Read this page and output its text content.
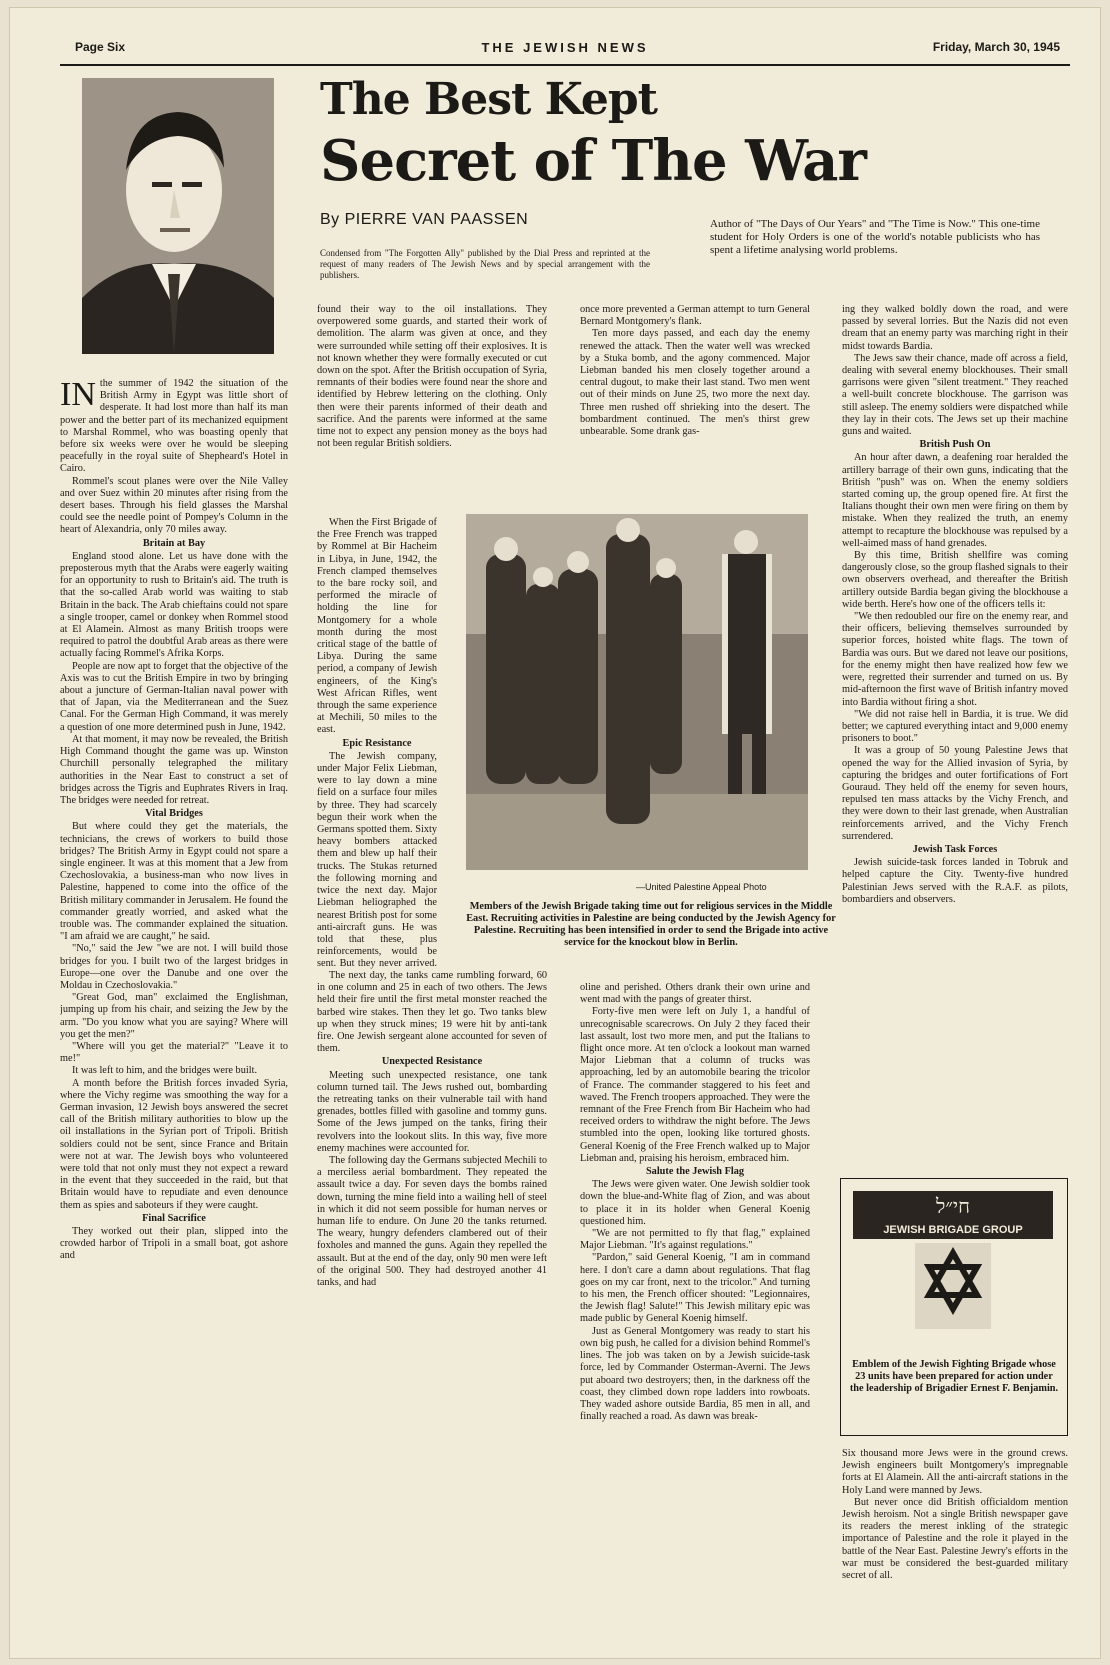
Page Six	THE JEWISH NEWS	Friday, March 30, 1945
The Best Kept
Secret of The War
By PIERRE VAN PAASSEN
Condensed from "The Forgotten Ally" published by the Dial Press and reprinted at the request of many readers of The Jewish News and by special arrangement with the publishers.
Author of "The Days of Our Years" and "The Time is Now." This one-time student for Holy Orders is one of the world's notable publicists who has spent a lifetime analysing world problems.

IN the summer of 1942 the situation of the British Army in Egypt was little short of desperate. It had lost more than half its man power and the better part of its mechanized equipment to Marshal Rommel, who was boasting openly that before six weeks were over he would be sleeping peacefully in the royal suite of Shepheard's Hotel in Cairo.

Rommel's scout planes were over the Nile Valley and over Suez within 20 minutes after rising from the desert bases. Through his field glasses the Marshal could see the needle point of Pompey's Column in the heart of Alexandria, only 70 miles away.

Britain at Bay

England stood alone. Let us have done with the preposterous myth that the Arabs were eagerly waiting for an opportunity to rush to Britain's aid. The truth is that the so-called Arab world was waiting to stab Britain in the back. The Arab chieftains could not spare a single trooper, camel or donkey when Rommel stood at El Alamein. Almost as many British troops were required to patrol the doubtful Arab areas as there were actually facing Rommel's Afrika Korps.

People are now apt to forget that the objective of the Axis was to cut the British Empire in two by bringing about a juncture of German-Italian naval power with that of Japan, via the Mediterranean and the Suez Canal. For the German High Command, it was merely a question of one more determined push in June, 1942.

At that moment, it may now be revealed, the British High Command thought the game was up. Winston Churchill personally telegraphed the military authorities in the Near East to construct a set of bridges across the Tigris and Euphrates Rivers in Iraq. The bridges were needed for retreat.

Vital Bridges

But where could they get the materials, the technicians, the crews of workers to build those bridges? The British Army in Egypt could not spare a single engineer. It was at this moment that a Jew from Czechoslovakia, a business-man who now lives in Palestine, happened to come into the office of the British military commander in Jerusalem. He found the commander greatly worried, and asked what the trouble was. The commander explained the situation. "I am afraid we are caught," he said.

"No," said the Jew "we are not. I will build those bridges for you. I built two of the largest bridges in Europe—one over the Danube and one over the Moldau in Czechoslovakia."

"Great God, man" exclaimed the Englishman, jumping up from his chair, and seizing the Jew by the arm. "Do you know what you are saying? Where will you get the men?"

"Where will you get the material?" "Leave it to me!"

It was left to him, and the bridges were built.

A month before the British forces invaded Syria, where the Vichy regime was smoothing the way for a German invasion, 12 Jewish boys answered the secret call of the British military authorities to blow up the oil installations in the Syrian port of Tripoli. British soldiers could not be sent, since France and Britain were not at war. The Jewish boys who volunteered were told that not only must they not expect a reward in the event that they succeeded in the raid, but that Britain would have to repudiate and even denounce them as spies and saboteurs if they were caught.

Final Sacrifice

They worked out their plan, slipped into the crowded harbor of Tripoli in a small boat, got ashore and

found their way to the oil installations. They overpowered some guards, and started their work of demolition. The alarm was given at once, and they were surrounded while setting off their explosives. It is not known whether they were formally executed or cut down on the spot. After the British occupation of Syria, remnants of their bodies were found near the shore and identified by Hebrew lettering on the clothing. Only then were their parents informed of their death and sacrifice. And the parents were informed at the same time not to expect any pension money as the boys had not been regular British soldiers.

When the First Brigade of the Free French was trapped by Rommel at Bir Hacheim in Libya, in June, 1942, the French clamped themselves to the bare rocky soil, and performed the miracle of holding the line for Montgomery for a whole month during the most critical stage of the battle of Libya. During the same period, a company of Jewish engineers, of the King's West African Rifles, went through the same experience at Mechili, 50 miles to the east.

Epic Resistance

The Jewish company, under Major Felix Liebman, were to lay down a mine field on a surface four miles by three. They had scarcely begun their work when the Germans spotted them. Sixty heavy bombers attacked them and blew up half their trucks. The Stukas returned the following morning and twice the next day. Major Liebman heliographed the nearest British post for some anti-aircraft guns. He was told that these, plus reinforcements, would be sent. But they never arrived.

The next day, the tanks came rumbling forward, 60 in one column and 25 in each of two others. The Jews held their fire until the first metal monster reached the barbed wire stakes. Then they let go. Two tanks blew up when they struck mines; 19 were hit by anti-tank fire. One Jewish sergeant alone accounted for seven of them.

Unexpected Resistance

Meeting such unexpected resistance, one tank column turned tail. The Jews rushed out, bombarding the retreating tanks on their vulnerable tail with hand grenades, bottles filled with gasoline and tommy guns. Some of the Jews jumped on the tanks, firing their revolvers into the lookout slits. In this way, five more enemy machines were accounted for.

The following day the Germans subjected Mechili to a merciless aerial bombardment. They repeated the assault twice a day. For seven days the bombs rained down, turning the mine field into a wailing hell of steel in which it did not seem possible for human nerves or human life to endure. On June 20 the tanks returned. The weary, hungry defenders clambered out of their foxholes and manned the guns. Again they repelled the assault. But at the end of the day, only 90 men were left of the original 500. They had destroyed another 41 tanks, and had

once more prevented a German attempt to turn General Bernard Montgomery's flank.

Ten more days passed, and each day the enemy renewed the attack. Then the water well was wrecked by a Stuka bomb, and the agony commenced. Major Liebman banded his men closely together around a central dugout, to make their last stand. Two men went out of their minds on June 25, two more the next day. Three men rushed off shrieking into the desert. The bombardment continued. The men's thirst grew unbearable. Some drank gas-

—United Palestine Appeal Photo
Members of the Jewish Brigade taking time out for religious services in the Middle East. Recruiting activities in Palestine are being conducted by the Jewish Agency for Palestine. Recruiting has been intensified in order to send the Brigade into active service for the knockout blow in Berlin.

oline and perished. Others drank their own urine and went mad with the pangs of greater thirst.

Forty-five men were left on July 1, a handful of unrecognisable scarecrows. On July 2 they faced their last assault, lost two more men, and put the Italians to flight once more. At ten o'clock a lookout man warned Major Liebman that a column of trucks was approaching, led by an automobile bearing the tricolor of France. The commander staggered to his feet and waved. The French troopers approached. They were the remnant of the Free French from Bir Hacheim who had received orders to withdraw the night before. The Jews stumbled into the open, looking like tortured ghosts. General Koenig of the Free French walked up to Major Liebman and, praising his heroism, embraced him.

Salute the Jewish Flag

The Jews were given water. One Jewish soldier took down the blue-and-White flag of Zion, and was about to place it in its holder when General Koenig questioned him.

"We are not permitted to fly that flag," explained Major Liebman. "It's against regulations."

"Pardon," said General Koenig, "I am in command here. I don't care a damn about regulations. That flag goes on my car front, next to the tricolor." And turning to his men, the French officer shouted: "Legionnaires, the Jewish flag! Salute!" This Jewish military epic was made public by General Koenig himself.

Just as General Montgomery was ready to start his own big push, he called for a division behind Rommel's lines. The job was taken on by a Jewish suicide-task force, led by Commander Osterman-Averni. The Jews put aboard two destroyers; then, in the darkness off the coast, they climbed down rope ladders into rowboats. They waded ashore outside Bardia, 85 men in all, and finally reached a road. As dawn was break-

ing they walked boldly down the road, and were passed by several lorries. But the Nazis did not even dream that an enemy party was marching right in their midst towards Bardia.

The Jews saw their chance, made off across a field, dealing with several enemy blockhouses. Their small garrisons were given "silent treatment." They reached a well-built concrete blockhouse. The garrison was still asleep. The enemy soldiers were dispatched while they lay in their cots. The Jews set up their machine guns and waited.

British Push On

An hour after dawn, a deafening roar heralded the artillery barrage of their own guns, indicating that the British "push" was on. When the enemy soldiers started coming up, the group opened fire. At first the Italians thought their own men were firing on them by mistake. When they realized the truth, an enemy attempt to recapture the blockhouse was repulsed by a well-aimed mass of hand grenades.

By this time, British shellfire was coming dangerously close, so the group flashed signals to their own observers overhead, and thereafter the British artillery outside Bardia began giving the blockhouse a wide berth. Here's how one of the officers tells it:

"We then redoubled our fire on the enemy rear, and their officers, believing themselves surrounded by superior forces, hoisted white flags. The town of Bardia was ours. But we dared not leave our positions, for the enemy might then have realized how few we were, regretted their surrender and turned on us. By mid-afternoon the first wave of British infantry moved into Bardia without firing a shot.

"We did not raise hell in Bardia, it is true. We did better; we captured everything intact and 9,000 enemy prisoners to boot."

It was a group of 50 young Palestine Jews that opened the way for the Allied invasion of Syria, by capturing the bridges and outer fortifications of Fort Gouraud. They held off the enemy for seven hours, repulsed ten mass attacks by the Vichy French, and they were down to their last grenade, when Australian reinforcements arrived, and the Vichy French surrendered.

Jewish Task Forces

Jewish suicide-task forces landed in Tobruk and helped capture the City. Twenty-five hundred Palestinian Jews served with the R.A.F. as pilots, bombardiers and observers.

חי״ל
JEWISH BRIGADE GROUP
Emblem of the Jewish Fighting Brigade whose 23 units have been prepared for action under the leadership of Brigadier Ernest F. Benjamin.

Six thousand more Jews were in the ground crews. Jewish engineers built Montgomery's impregnable forts at El Alamein. All the anti-aircraft stations in the Holy Land were manned by Jews.

But never once did British officialdom mention Jewish heroism. Not a single British newspaper gave its readers the merest inkling of the strategic importance of Palestine and the role it played in the battle of the Near East. Palestine Jewry's efforts in the war must be considered the best-guarded military secret of all.
